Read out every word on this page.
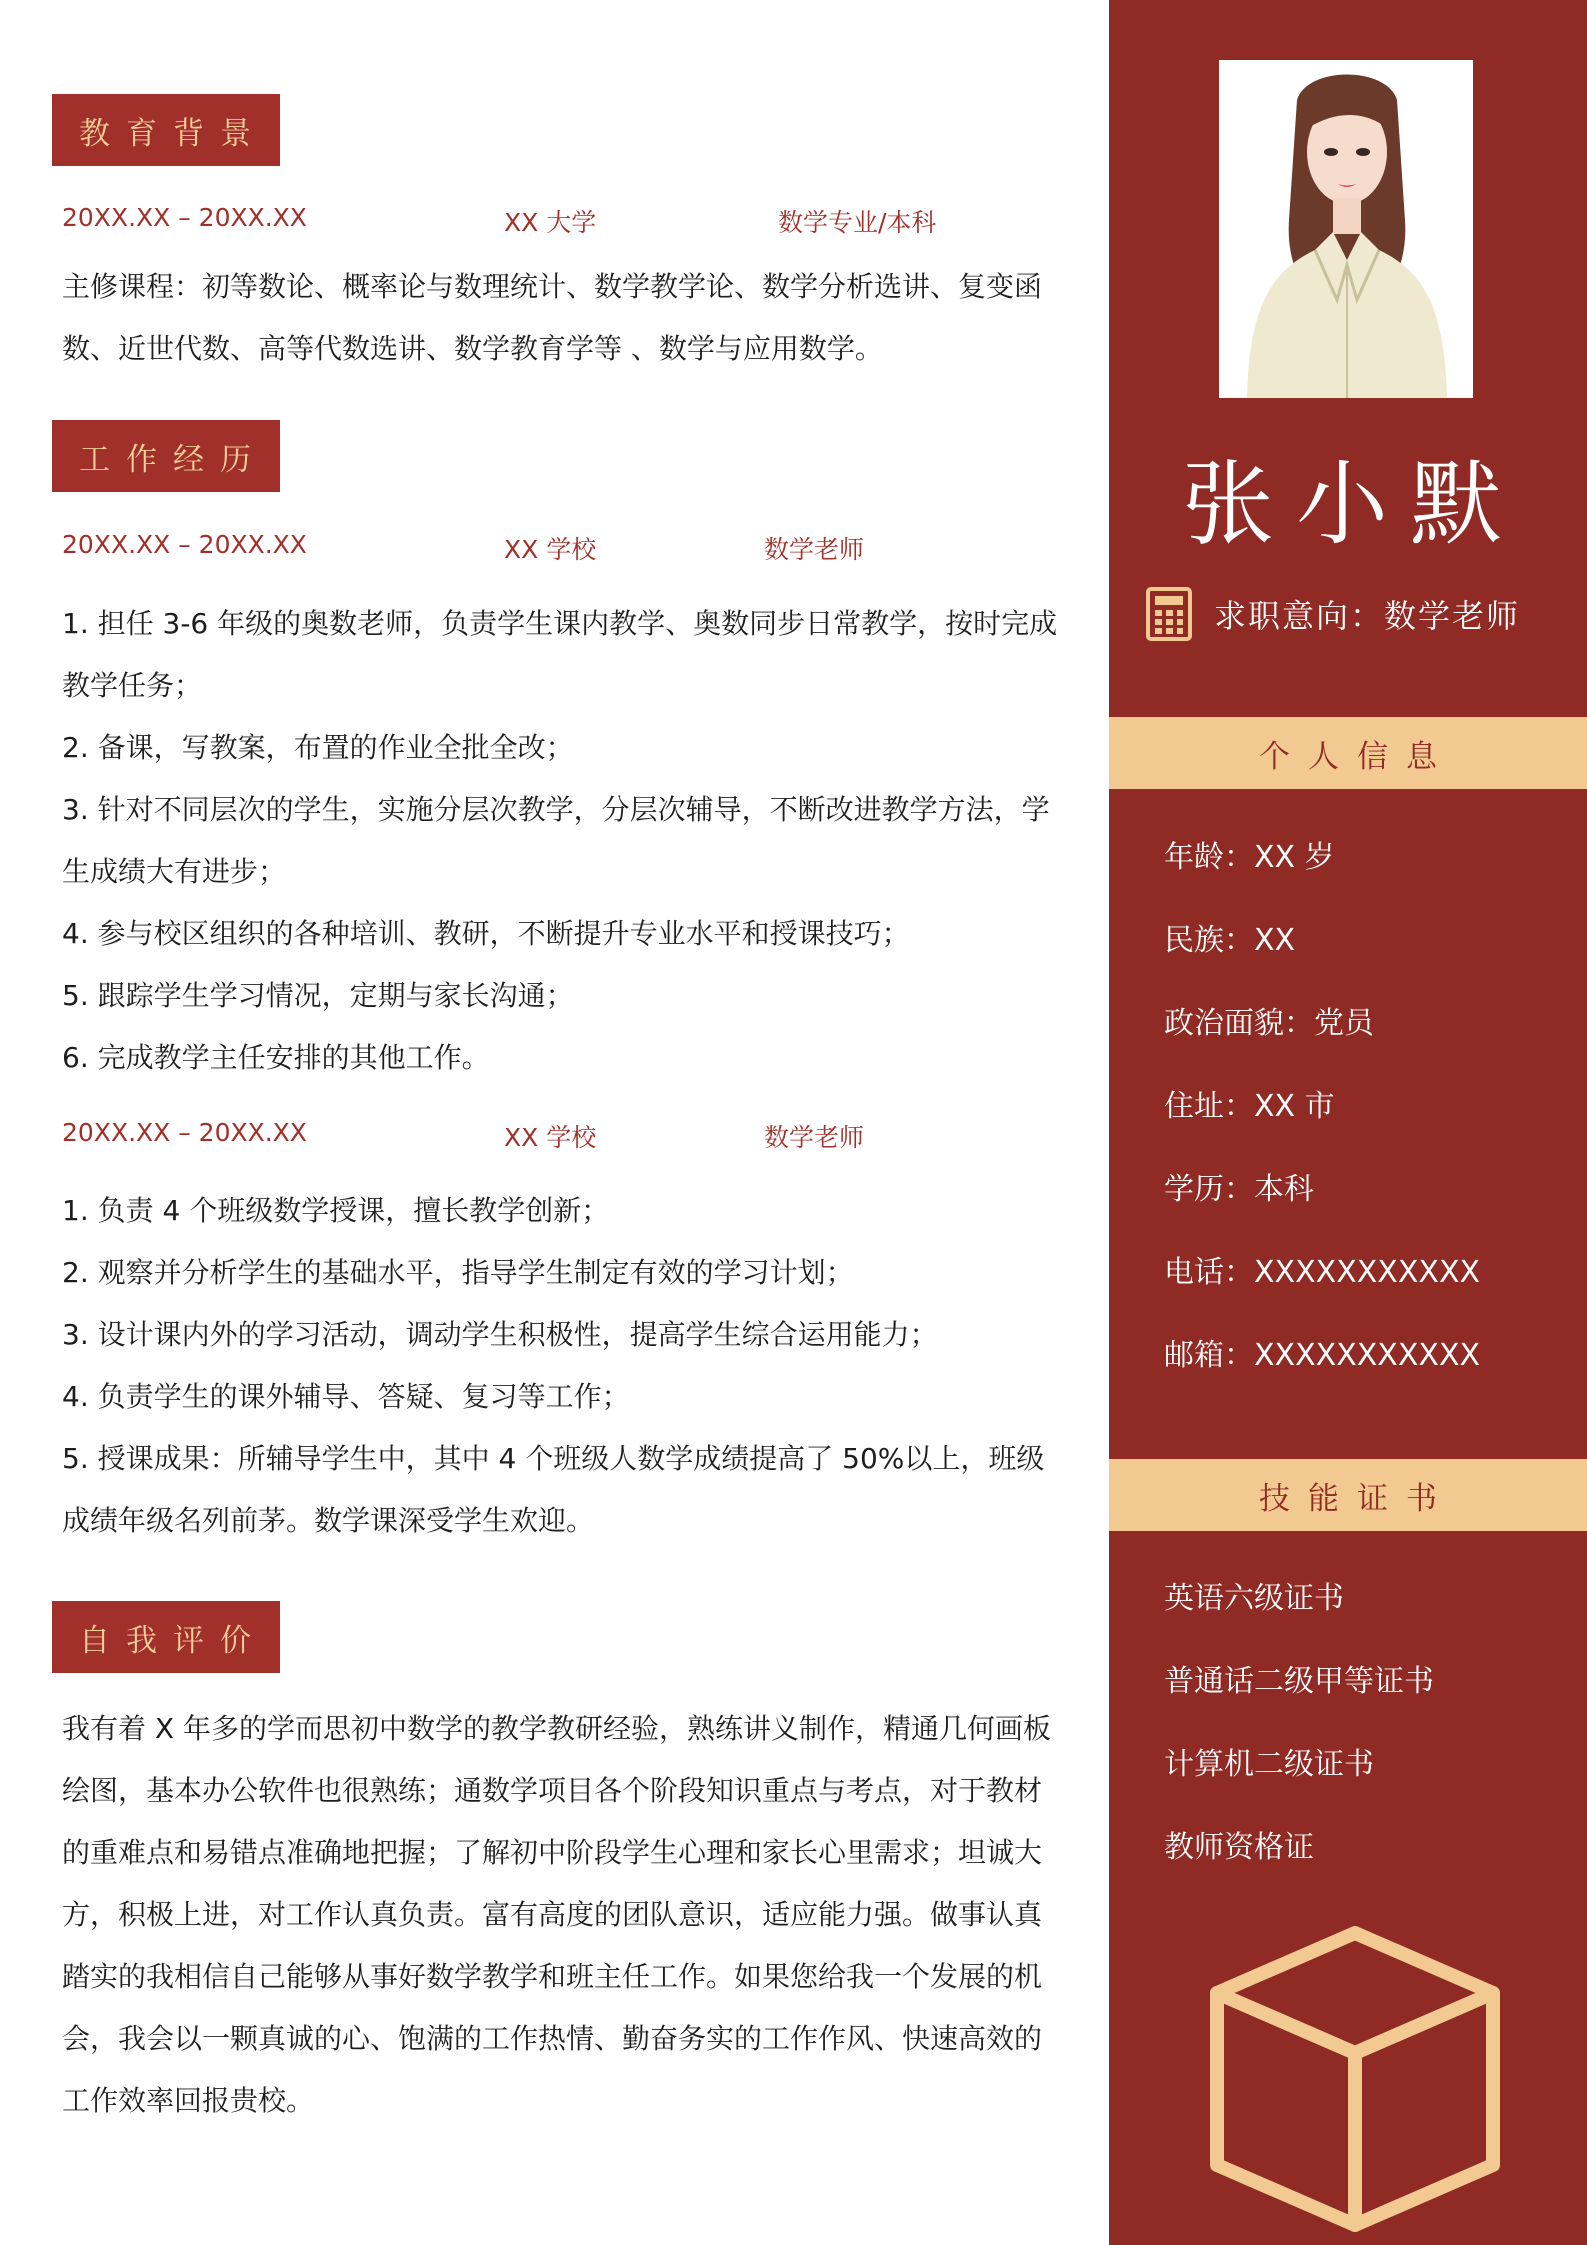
教育背景
20XX.XX – 20XX.XX	XX 大学	数学专业/本科

主修课程：初等数论、概率论与数理统计、数学教学论、数学分析选讲、复变函数、近世代数、高等代数选讲、数学教育学等 、数学与应用数学。

工作经历
20XX.XX – 20XX.XX	XX 学校	数学老师
1. 担任 3-6 年级的奥数老师，负责学生课内教学、奥数同步日常教学，按时完成教学任务；
2. 备课，写教案，布置的作业全批全改；
3. 针对不同层次的学生，实施分层次教学，分层次辅导，不断改进教学方法，学生成绩大有进步；
4. 参与校区组织的各种培训、教研，不断提升专业水平和授课技巧；
5. 跟踪学生学习情况，定期与家长沟通；
6. 完成教学主任安排的其他工作。
20XX.XX – 20XX.XX	XX 学校	数学老师
1. 负责 4 个班级数学授课，擅长教学创新；
2. 观察并分析学生的基础水平，指导学生制定有效的学习计划；
3. 设计课内外的学习活动，调动学生积极性，提高学生综合运用能力；
4. 负责学生的课外辅导、答疑、复习等工作；
5. 授课成果：所辅导学生中，其中 4 个班级人数学成绩提高了 50%以上，班级成绩年级名列前茅。数学课深受学生欢迎。
自我评价

我有着 X 年多的学而思初中数学的教学教研经验，熟练讲义制作，精通几何画板绘图，基本办公软件也很熟练；通数学项目各个阶段知识重点与考点，对于教材的重难点和易错点准确地把握；了解初中阶段学生心理和家长心里需求；坦诚大方，积极上进，对工作认真负责。富有高度的团队意识，适应能力强。做事认真踏实的我相信自己能够从事好数学教学和班主任工作。如果您给我一个发展的机会，我会以一颗真诚的心、饱满的工作热情、勤奋务实的工作作风、快速高效的工作效率回报贵校。

张小默
求职意向：数学老师
个人信息
年龄：XX 岁
民族：XX
政治面貌：党员
住址：XX 市
学历：本科
电话：XXXXXXXXXXX
邮箱：XXXXXXXXXXX
技能证书
英语六级证书
普通话二级甲等证书
计算机二级证书
教师资格证
